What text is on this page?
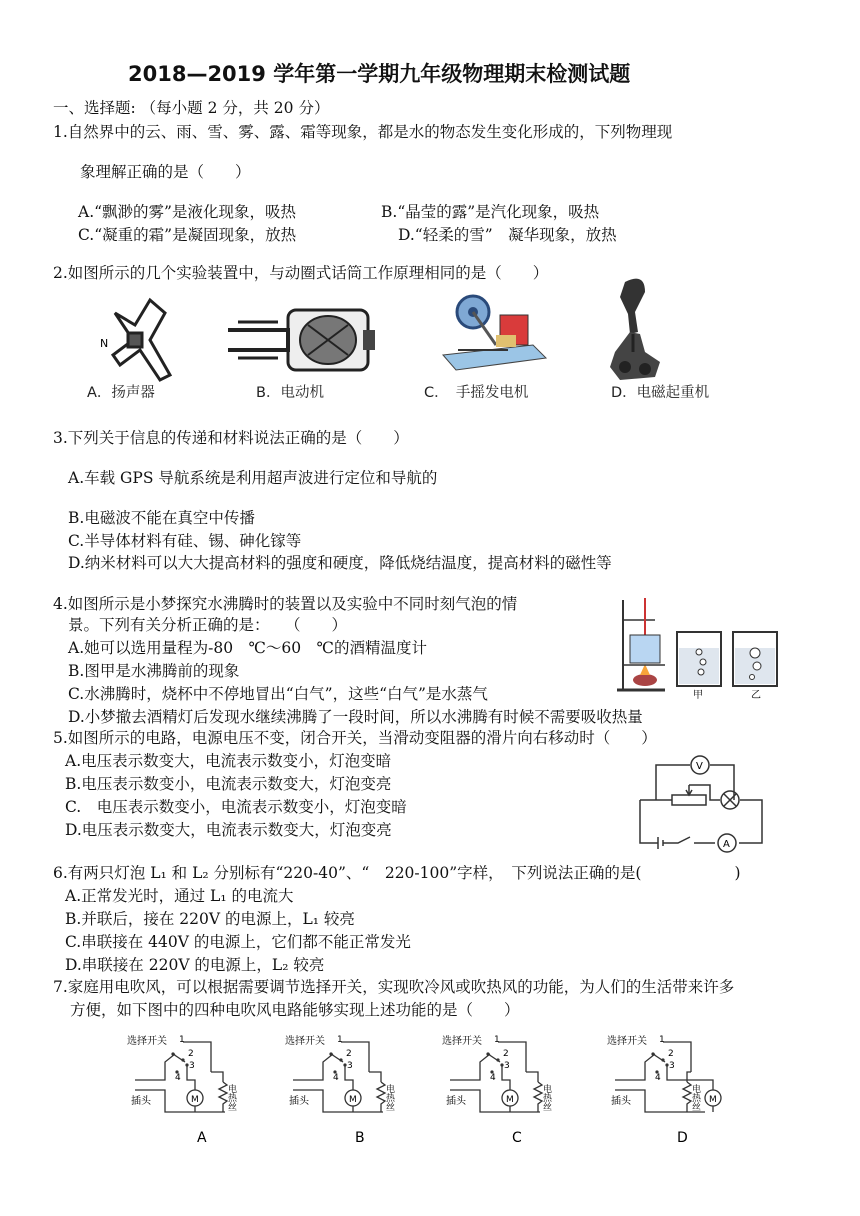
2018—2019 学年第一学期九年级物理期末检测试题
一、选择题: （每小题 2 分，共 20 分）
1.自然界中的云、雨、雪、雾、露、霜等现象，都是水的物态发生变化形成的，下列物理现
象理解正确的是（　　）
A.“飘渺的雾”是液化现象，吸热	B.“晶莹的露”是汽化现象，吸热
C.“凝重的霜”是凝固现象，放热	D.“轻柔的雪”　凝华现象，放热
2.如图所示的几个实验装置中，与动圈式话筒工作原理相同的是（　　）
N
A．扬声器	B．电动机	C．　手摇发电机	D．电磁起重机
3.下列关于信息的传递和材料说法正确的是（　　）
A.车载 GPS 导航系统是利用超声波进行定位和导航的
B.电磁波不能在真空中传播
C.半导体材料有硅、锡、砷化镓等
D.纳米材料可以大大提高材料的强度和硬度，降低烧结温度，提高材料的磁性等
4.如图所示是小梦探究水沸腾时的装置以及实验中不同时刻气泡的情
景。下列有关分析正确的是：　　（　　）
A.她可以选用量程为-80　℃～60　℃的酒精温度计
B.图甲是水沸腾前的现象
C.水沸腾时，烧杯中不停地冒出“白气”，这些“白气”是水蒸气
D.小梦撤去酒精灯后发现水继续沸腾了一段时间，所以水沸腾有时候不需要吸收热量
甲	乙
5.如图所示的电路，电源电压不变，闭合开关，当滑动变阻器的滑片向右移动时（　　）
A.电压表示数变大，电流表示数变小，灯泡变暗
B.电压表示数变小，电流表示数变大，灯泡变亮
C.　电压表示数变小，电流表示数变小，灯泡变暗
D.电压表示数变大，电流表示数变大，灯泡变亮
V
A
6.有两只灯泡 L₁ 和 L₂ 分别标有“220-40”、“　220-100”字样，　下列说法正确的是(　　　　　　)
A.正常发光时，通过 L₁ 的电流大
B.并联后，接在 220V 的电源上，L₁ 较亮
C.串联接在 440V 的电源上，它们都不能正常发光
D.串联接在 220V 的电源上，L₂ 较亮
7.家庭用电吹风，可以根据需要调节选择开关，实现吹冷风或吹热风的功能，为人们的生活带来许多
方便，如下图中的四种电吹风电路能够实现上述功能的是（　　）
选择开关 1
2
3
4
M
插头	电热丝
A
选择开关 1
2
3
4
M
插头	电热丝
B
选择开关 1
2
3
4
M
插头	电热丝
C
选择开关 1
2
3
4
M
插头	电热丝
D
